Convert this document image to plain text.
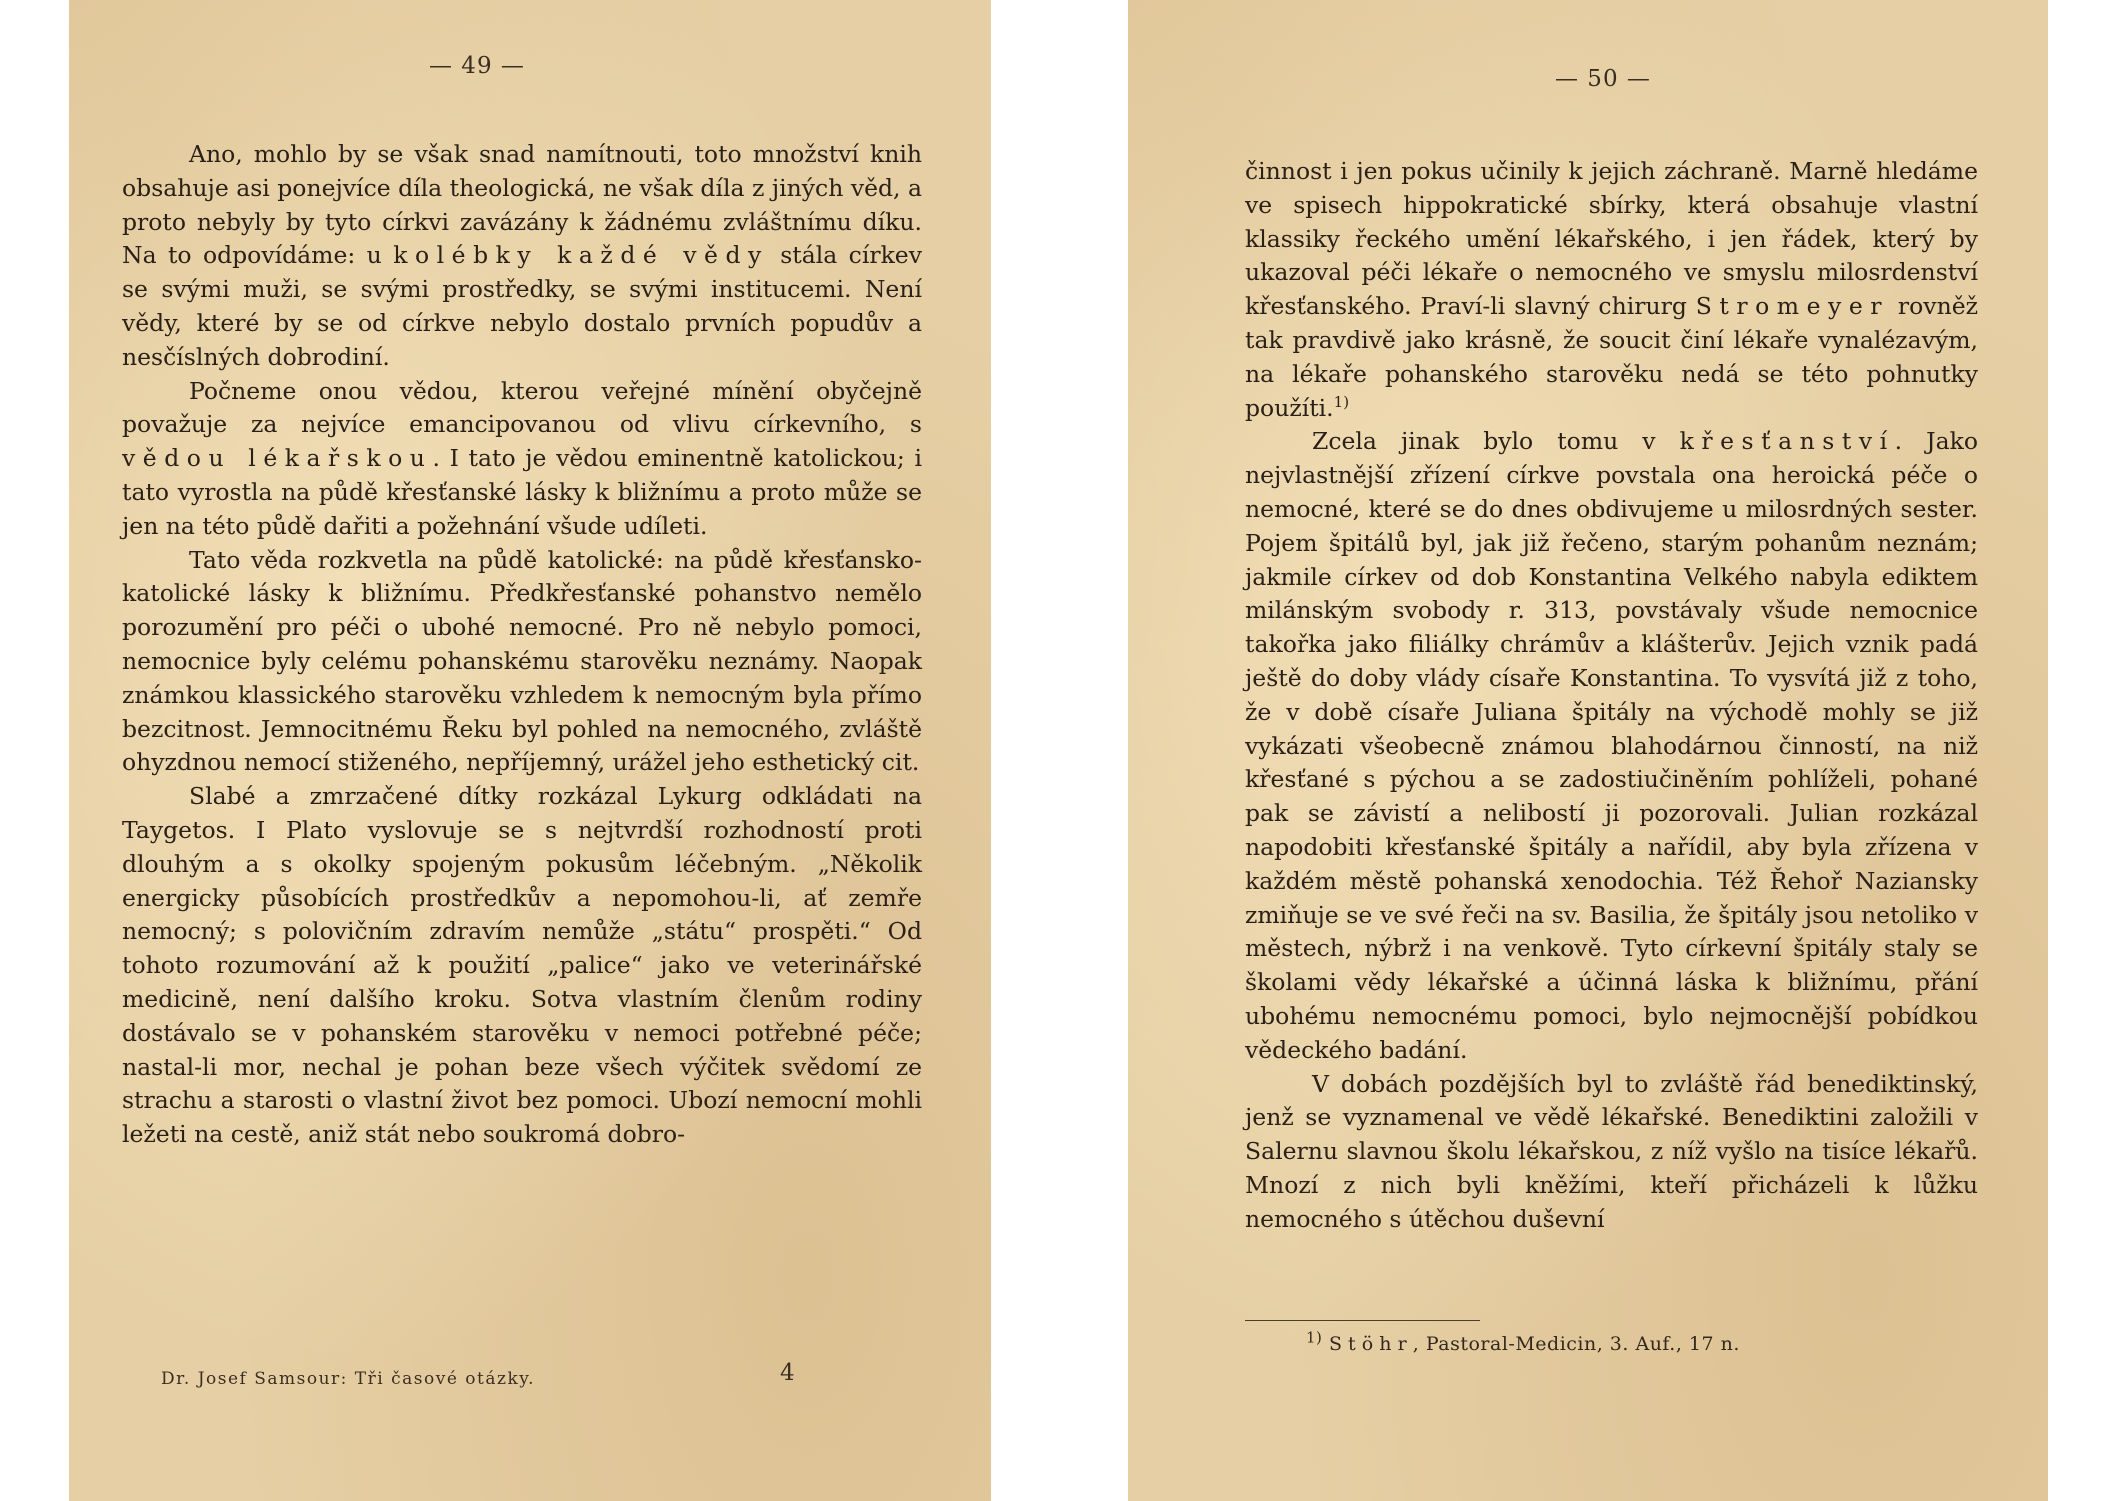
— 49 —

Ano, mohlo by se však snad namítnouti, toto množství knih obsahuje asi ponejvíce díla theologická, ne však díla z jiných věd, a proto nebyly by tyto církvi zavázány k žádnému zvláštnímu díku. Na to odpovídáme: u kolébky každé vědy stála církev se svými muži, se svými prostředky, se svými institucemi. Není vědy, které by se od církve nebylo dostalo prvních popudův a nesčíslných dobrodiní.

Počneme onou vědou, kterou veřejné mínění obyčejně považuje za nejvíce emancipovanou od vlivu církevního, s vědou lékařskou. I tato je vědou eminentně katolickou; i tato vyrostla na půdě křesťanské lásky k bližnímu a proto může se jen na této půdě dařiti a požehnání všude udíleti.

Tato věda rozkvetla na půdě katolické: na půdě křesťansko-katolické lásky k bližnímu. Předkřesťanské pohanstvo nemělo porozumění pro péči o ubohé nemocné. Pro ně nebylo pomoci, nemocnice byly celému pohanskému starověku neznámy. Naopak známkou klassického starověku vzhledem k nemocným byla přímo bezcitnost. Jemnocitnému Řeku byl pohled na nemocného, zvláště ohyzdnou nemocí stiženého, nepříjemný, urážel jeho esthetický cit.

Slabé a zmrzačené dítky rozkázal Lykurg odkládati na Taygetos. I Plato vyslovuje se s nejtvrdší rozhodností proti dlouhým a s okolky spojeným pokusům léčebným. „Několik energicky působících prostředkův a nepomohou-li, ať zemře nemocný; s polovičním zdravím nemůže „státu“ prospěti.“ Od tohoto rozumování až k použití „palice“ jako ve veterinářské medicině, není dalšího kroku. Sotva vlastním členům rodiny dostávalo se v pohanském starověku v nemoci potřebné péče; nastal-li mor, nechal je pohan beze všech výčitek svědomí ze strachu a starosti o vlastní život bez pomoci. Ubozí nemocní mohli ležeti na cestě, aniž stát nebo soukromá dobro-

Dr. Josef Samsour: Tři časové otázky.	4
— 50 —

činnost i jen pokus učinily k jejich záchraně. Marně hledáme ve spisech hippokratické sbírky, která obsahuje vlastní klassiky řeckého umění lékařského, i jen řádek, který by ukazoval péči lékaře o nemocného ve smyslu milosrdenství křesťanského. Praví-li slavný chirurg Stromeyer rovněž tak pravdivě jako krásně, že soucit činí lékaře vynalézavým, na lékaře pohanského starověku nedá se této pohnutky použíti.$^{1)}$

Zcela jinak bylo tomu v křesťanství. Jako nejvlastnější zřízení církve povstala ona heroická péče o nemocné, které se do dnes obdivujeme u milosrdných sester. Pojem špitálů byl, jak již řečeno, starým pohanům neznám; jakmile církev od dob Konstantina Velkého nabyla ediktem milánským svobody r. 313, povstávaly všude nemocnice takořka jako filiálky chrámův a klášterův. Jejich vznik padá ještě do doby vlády císaře Konstantina. To vysvítá již z toho, že v době císaře Juliana špitály na východě mohly se již vykázati všeobecně známou blahodárnou činností, na niž křesťané s pýchou a se zadostiučiněním pohlíželi, pohané pak se závistí a nelibostí ji pozorovali. Julian rozkázal napodobiti křesťanské špitály a nařídil, aby byla zřízena v každém městě pohanská xenodochia. Též Řehoř Naziansky zmiňuje se ve své řeči na sv. Basilia, že špitály jsou netoliko v městech, nýbrž i na venkově. Tyto církevní špitály staly se školami vědy lékařské a účinná láska k bližnímu, přání ubohému nemocnému pomoci, bylo nejmocnější pobídkou vědeckého badání.

V dobách pozdějších byl to zvláště řád benediktinský, jenž se vyznamenal ve vědě lékařské. Benediktini založili v Salernu slavnou školu lékařskou, z níž vyšlo na tisíce lékařů. Mnozí z nich byli kněžími, kteří přicházeli k lůžku nemocného s útěchou duševní

$^{1)}$ Stöhr, Pastoral-Medicin, 3. Auf., 17 n.
